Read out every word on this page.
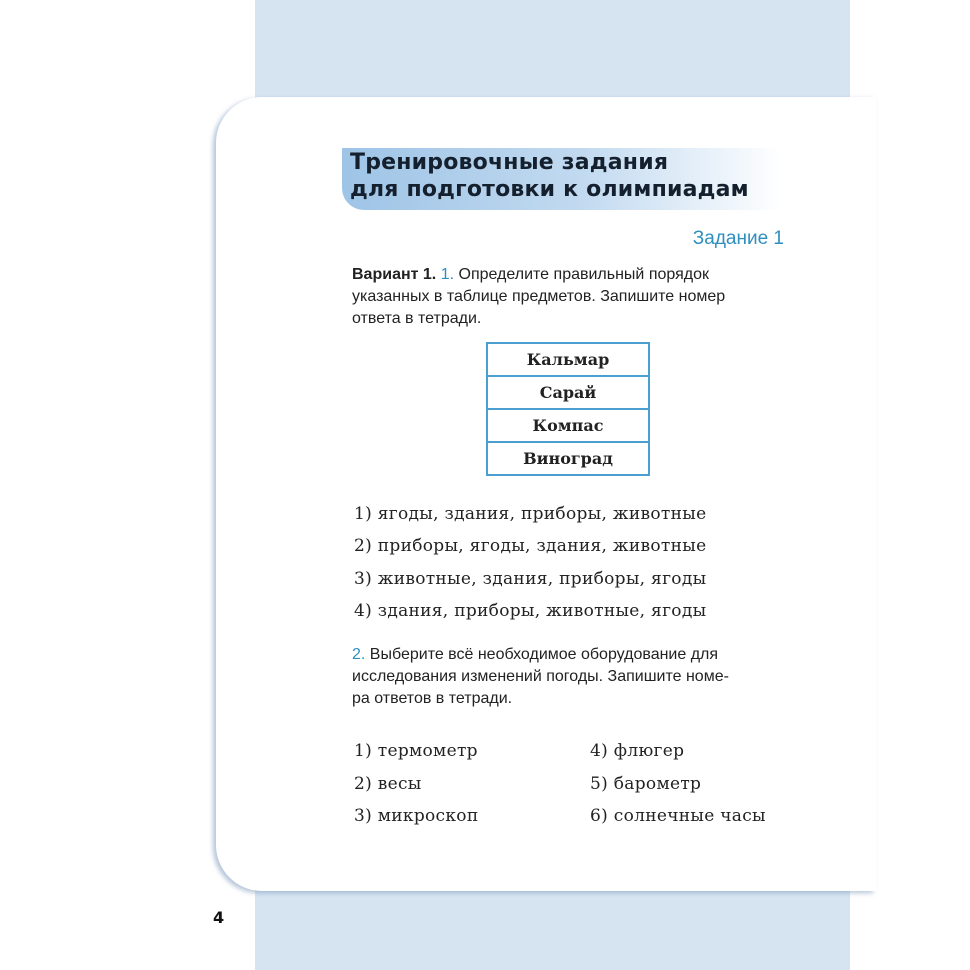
Тренировочные задания
для подготовки к олимпиадам
Задание 1
Вариант 1. 1. Определите правильный порядок
указанных в таблице предметов. Запишите номер
ответа в тетради.
Кальмар
Сарай
Компас
Виноград
1) ягоды, здания, приборы, животные
2) приборы, ягоды, здания, животные
3) животные, здания, приборы, ягоды
4) здания, приборы, животные, ягоды
2. Выберите всё необходимое оборудование для
исследования изменений погоды. Запишите номе-
ра ответов в тетради.
1) термометр
2) весы
3) микроскоп
4) флюгер
5) барометр
6) солнечные часы
4
